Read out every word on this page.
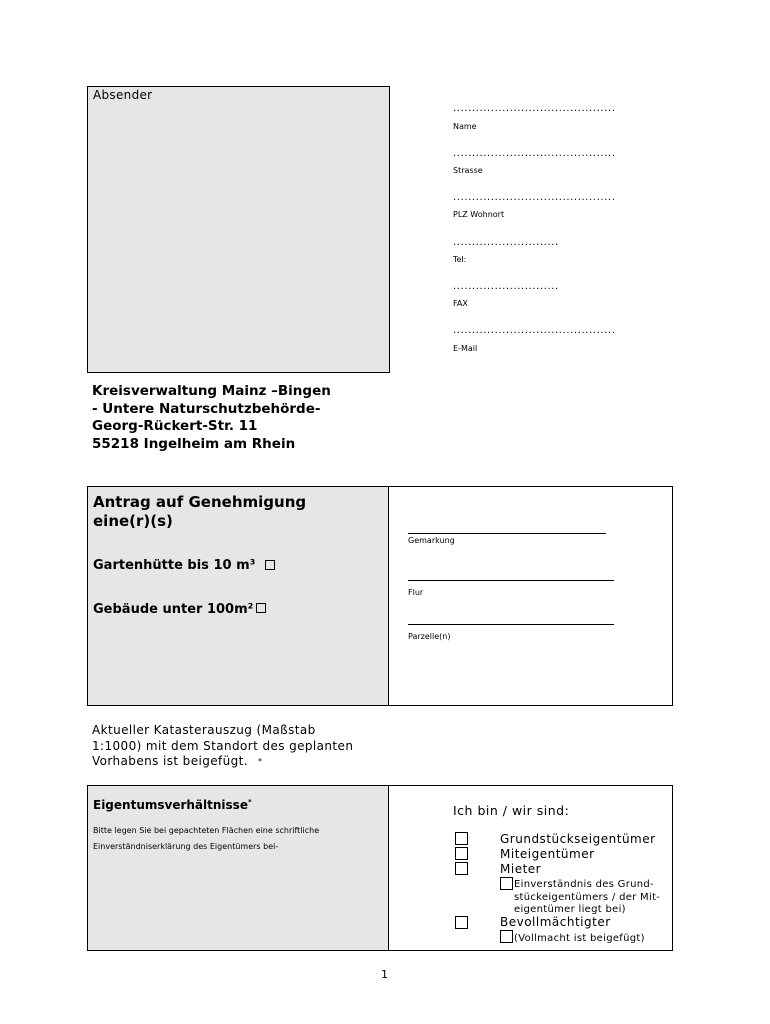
Absender
...........................................
Name
...........................................
Strasse
...........................................
PLZ Wohnort
............................
Tel:
............................
FAX
...........................................
E-Mail
Kreisverwaltung Mainz –Bingen
- Untere Naturschutzbehörde-
Georg-Rückert-Str. 11
55218 Ingelheim am Rhein
Antrag auf Genehmigung
eine(r)(s)
Gartenhütte bis 10 m³
Gebäude unter 100m²
Gemarkung
Flur
Parzelle(n)
Aktueller Katasterauszug (Maßstab
1:1000) mit dem Standort des geplanten
Vorhabens ist beigefügt. *
Eigentumsverhältnisse*
Bitte legen Sie bei gepachteten Flächen eine schriftliche
Einverständniserklärung des Eigentümers bei-
Ich bin / wir sind:
Grundstückseigentümer
Miteigentümer
Mieter
Einverständnis des Grund-
stückeigentümers / der Mit-
eigentümer liegt bei)
Bevollmächtigter
(Vollmacht ist beigefügt)
1
